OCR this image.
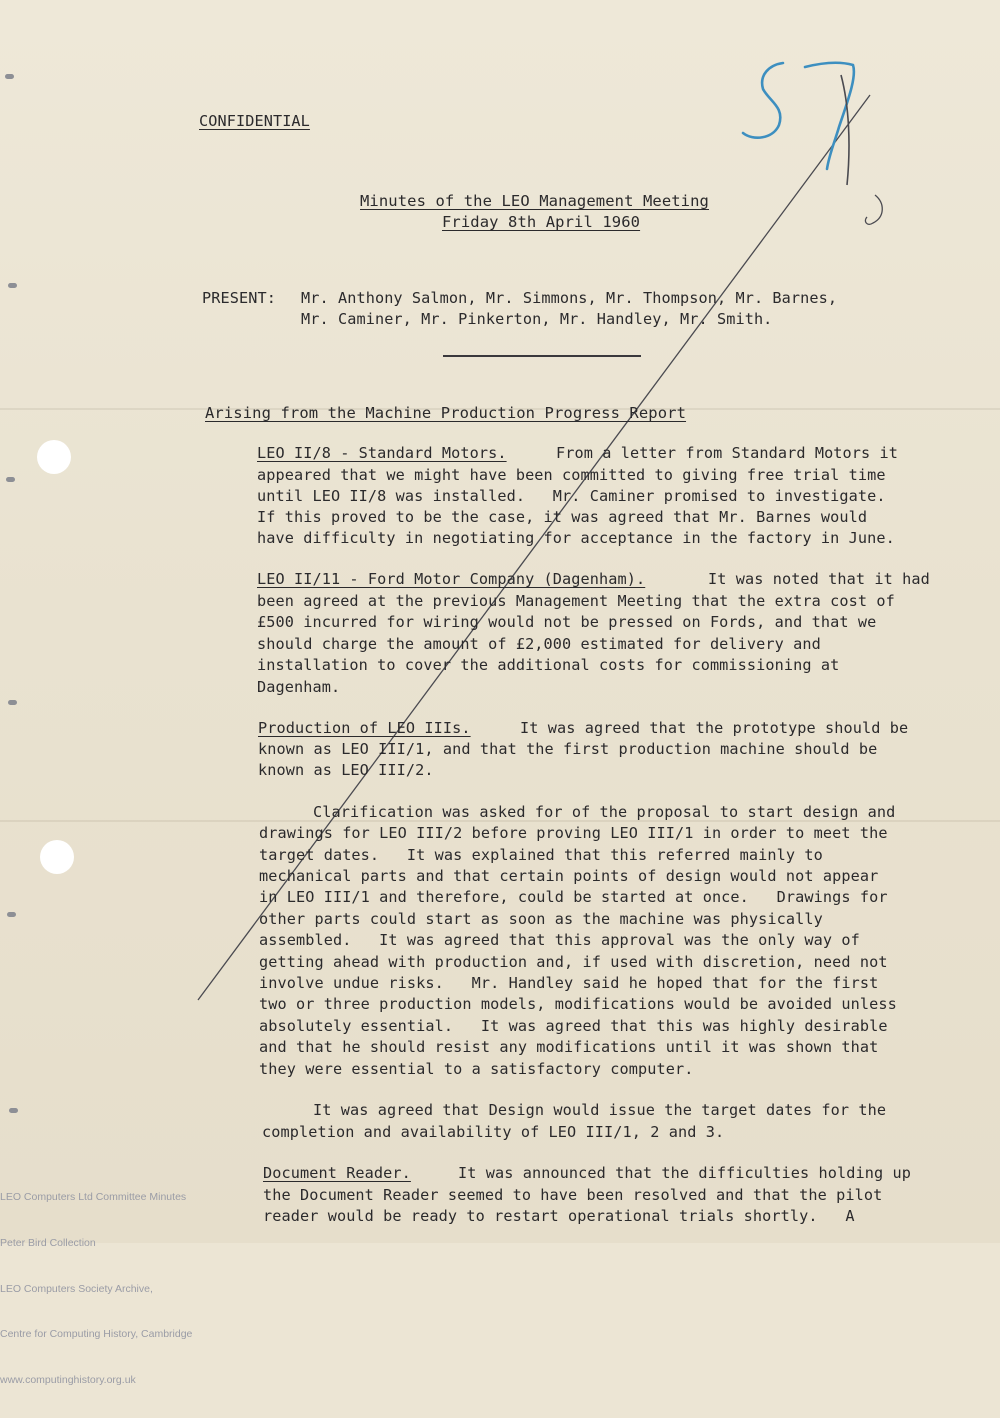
CONFIDENTIAL
Minutes of the LEO Management Meeting
Friday 8th April 1960
PRESENT: Mr. Anthony Salmon, Mr. Simmons, Mr. Thompson, Mr. Barnes,
Mr. Caminer, Mr. Pinkerton, Mr. Handley, Mr. Smith.
Arising from the Machine Production Progress Report
LEO II/8 - Standard Motors.	From a letter from Standard Motors it
appeared that we might have been committed to giving free trial time
until LEO II/8 was installed.   Mr. Caminer promised to investigate.
If this proved to be the case, it was agreed that Mr. Barnes would
have difficulty in negotiating for acceptance in the factory in June.
LEO II/11 - Ford Motor Company (Dagenham).	It was noted that it had
been agreed at the previous Management Meeting that the extra cost of
£500 incurred for wiring would not be pressed on Fords, and that we
should charge the amount of £2,000 estimated for delivery and
installation to cover the additional costs for commissioning at
Dagenham.
Production of LEO IIIs.	It was agreed that the prototype should be
known as LEO III/1, and that the first production machine should be
known as LEO III/2.
Clarification was asked for of the proposal to start design and
drawings for LEO III/2 before proving LEO III/1 in order to meet the
target dates.   It was explained that this referred mainly to
mechanical parts and that certain points of design would not appear
in LEO III/1 and therefore, could be started at once.   Drawings for
other parts could start as soon as the machine was physically
assembled.   It was agreed that this approval was the only way of
getting ahead with production and, if used with discretion, need not
involve undue risks.   Mr. Handley said he hoped that for the first
two or three production models, modifications would be avoided unless
absolutely essential.   It was agreed that this was highly desirable
and that he should resist any modifications until it was shown that
they were essential to a satisfactory computer.
It was agreed that Design would issue the target dates for the
completion and availability of LEO III/1, 2 and 3.
Document Reader.	It was announced that the difficulties holding up
the Document Reader seemed to have been resolved and that the pilot
reader would be ready to restart operational trials shortly.   A

LEO Computers Ltd Committee Minutes

Peter Bird Collection

LEO Computers Society Archive,

Centre for Computing History, Cambridge

www.computinghistory.org.uk
